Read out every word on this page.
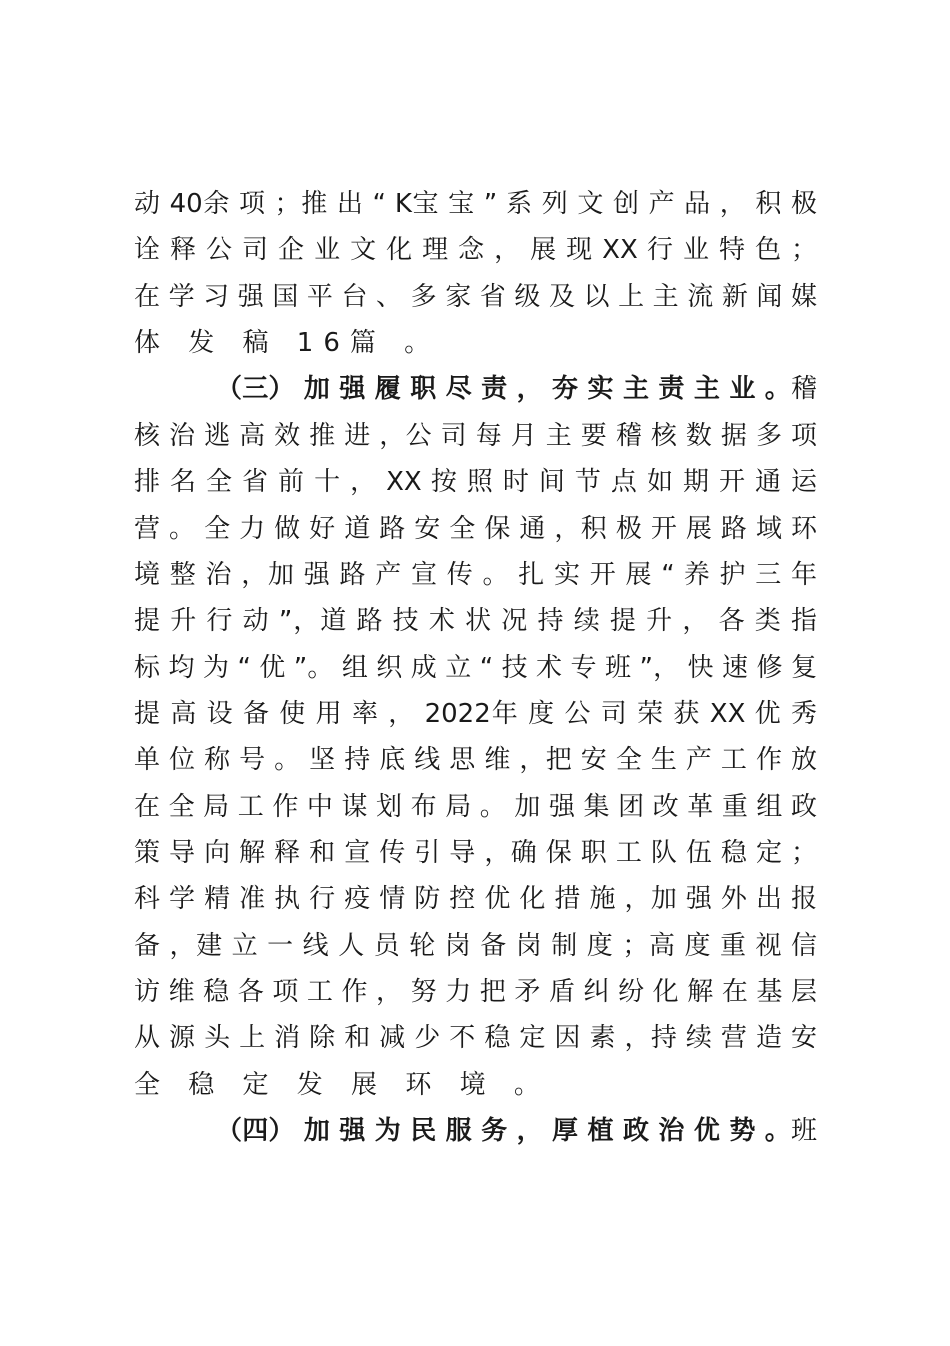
动 40余 项 ；推 出 “ K宝 宝 ” 系 列 文 创 产 品 ， 积 极
诠 释 公 司 企 业 文 化 理 念 ， 展 现 XX 行 业 特 色 ；
在 学 习 强 国 平 台 、 多 家 省 级 及 以 上 主 流 新 闻 媒
体 发 稿 16篇 。
（三） 加 强 履 职 尽 责 ， 夯 实 主 责 主 业 。稽
核 治 逃 高 效 推 进 ，公 司 每 月 主 要 稽 核 数 据 多 项
排 名 全 省 前 十 ， XX 按 照 时 间 节 点 如 期 开 通 运
营 。 全 力 做 好 道 路 安 全 保 通 ，积 极 开 展 路 域 环
境 整 治 ，加 强 路 产 宣 传 。 扎 实 开 展 “ 养 护 三 年
提 升 行 动 ”，道 路 技 术 状 况 持 续 提 升 ， 各 类 指
标 均 为 “ 优 ”。 组 织 成 立 “ 技 术 专 班 ”， 快 速 修 复
提 高 设 备 使 用 率 ， 2022年 度 公 司 荣 获 XX 优 秀
单 位 称 号 。 坚 持 底 线 思 维 ，把 安 全 生 产 工 作 放
在 全 局 工 作 中 谋 划 布 局 。 加 强 集 团 改 革 重 组 政
策 导 向 解 释 和 宣 传 引 导 ，确 保 职 工 队 伍 稳 定 ；
科 学 精 准 执 行 疫 情 防 控 优 化 措 施 ，加 强 外 出 报
备 ，建 立 一 线 人 员 轮 岗 备 岗 制 度 ；高 度 重 视 信
访 维 稳 各 项 工 作 ， 努 力 把 矛 盾 纠 纷 化 解 在 基 层
从 源 头 上 消 除 和 减 少 不 稳 定 因 素 ，持 续 营 造 安
全 稳 定 发 展 环 境 。
（四） 加 强 为 民 服 务 ， 厚 植 政 治 优 势 。班
